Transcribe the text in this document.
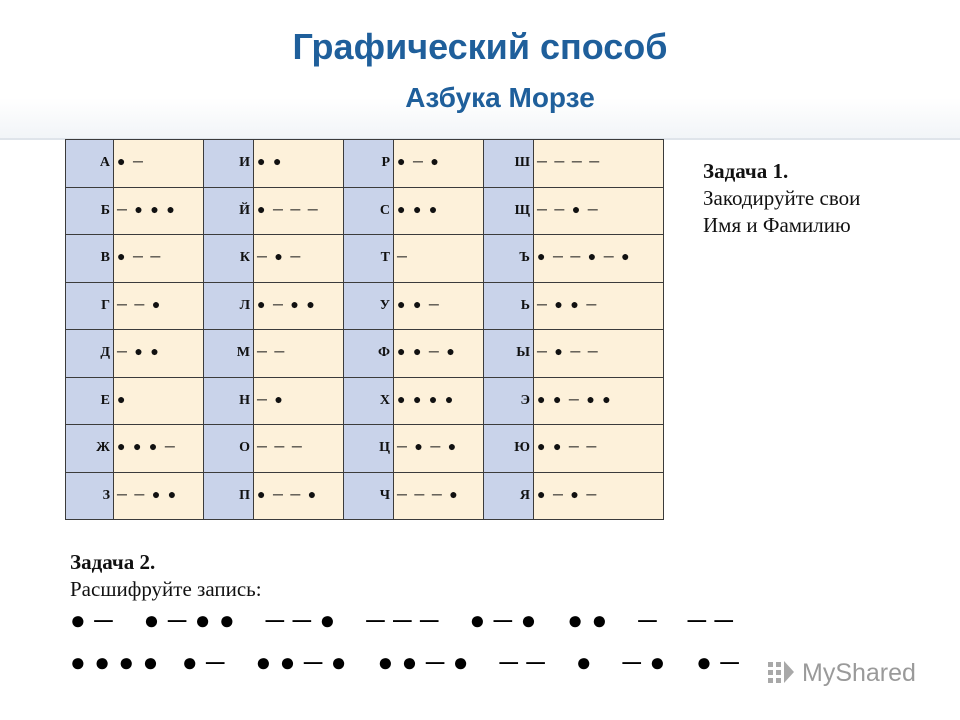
Графический способ
Азбука Морзе
А	● ─	И	● ●	Р	● ─ ●	Ш	─ ─ ─ ─
Б	─ ● ● ●	Й	● ─ ─ ─	С	● ● ●	Щ	─ ─ ● ─
В	● ─ ─	К	─ ● ─	Т	─	Ъ	● ─ ─ ● ─ ●
Г	─ ─ ●	Л	● ─ ● ●	У	● ● ─	Ь	─ ● ● ─
Д	─ ● ●	М	─ ─	Ф	● ● ─ ●	Ы	─ ● ─ ─
Е	●	Н	─ ●	Х	● ● ● ●	Э	● ● ─ ● ●
Ж	● ● ● ─	О	─ ─ ─	Ц	─ ● ─ ●	Ю	● ● ─ ─
З	─ ─ ● ●	П	● ─ ─ ●	Ч	─ ─ ─ ●	Я	● ─ ● ─
Задача 1.
Закодируйте свои
Имя и Фамилию
Задача 2.
Расшифруйте запись:
● ─    ● ─ ● ●    ─ ─ ●    ─ ─ ─    ● ─ ●    ● ●    ─    ─ ─
● ● ● ●   ● ─    ● ● ─ ●    ● ● ─ ●    ─ ─    ●    ─ ●    ● ─ MyShared
